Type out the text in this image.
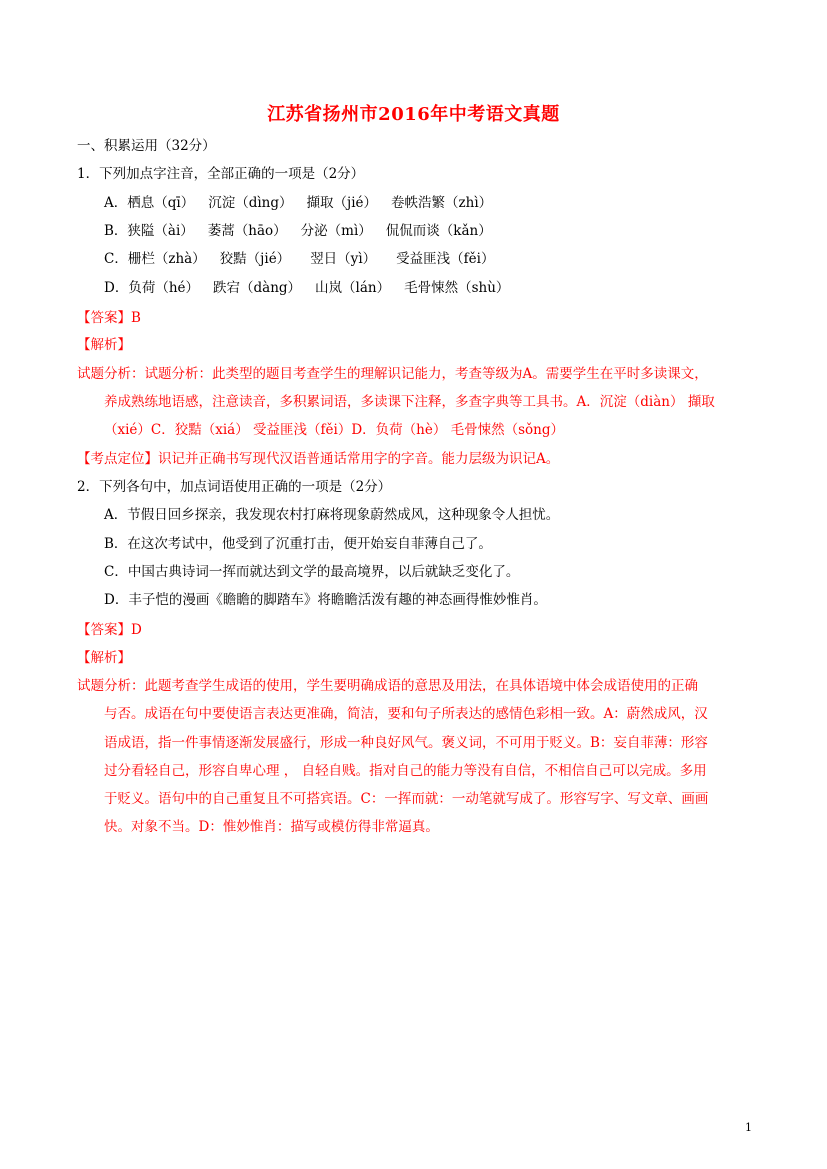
江苏省扬州市2016年中考语文真题
一、积累运用（32分）
1．下列加点字注音，全部正确的一项是（2分）
A．栖息（qī） 沉淀（dìng） 擷取（jié） 卷帙浩繁（zhì）
B．狭隘（ài） 萎蒿（hāo） 分泌（mì） 侃侃而谈（kǎn）
C．栅栏（zhà） 狡黠（jié） 翌日（yì） 受益匪浅（fěi）
D．负荷（hé） 跌宕（dàng） 山岚（lán） 毛骨悚然（shù）
【答案】B
【解析】
试题分析：试题分析：此类型的题目考查学生的理解识记能力，考查等级为A。需要学生在平时多读课文，
养成熟练地语感，注意读音，多积累词语，多读课下注释，多查字典等工具书。A．沉淀（diàn） 擷取
（xié）C．狡黠（xiá） 受益匪浅（fěi）D．负荷（hè） 毛骨悚然（sǒng）
【考点定位】识记并正确书写现代汉语普通话常用字的字音。能力层级为识记A。
2．下列各句中，加点词语使用正确的一项是（2分）
A．节假日回乡探亲，我发现农村打麻将现象蔚然成风，这种现象令人担忧。
B．在这次考试中，他受到了沉重打击，便开始妄自菲薄自己了。
C．中国古典诗词一挥而就达到文学的最高境界，以后就缺乏变化了。
D．丰子恺的漫画《瞻瞻的脚踏车》将瞻瞻活泼有趣的神态画得惟妙惟肖。
【答案】D
【解析】
试题分析：此题考查学生成语的使用，学生要明确成语的意思及用法，在具体语境中体会成语使用的正确
与否。成语在句中要使语言表达更准确，简洁，要和句子所表达的感情色彩相一致。A：蔚然成风，汉
语成语，指一件事情逐渐发展盛行，形成一种良好风气。褒义词，不可用于贬义。B：妄自菲薄：形容
过分看轻自己，形容自卑心理 ， 自轻自贱。指对自己的能力等没有自信，不相信自己可以完成。多用
于贬义。语句中的自己重复且不可搭宾语。C：一挥而就：一动笔就写成了。形容写字、写文章、画画
快。对象不当。D：惟妙惟肖：描写或模仿得非常逼真。
1
